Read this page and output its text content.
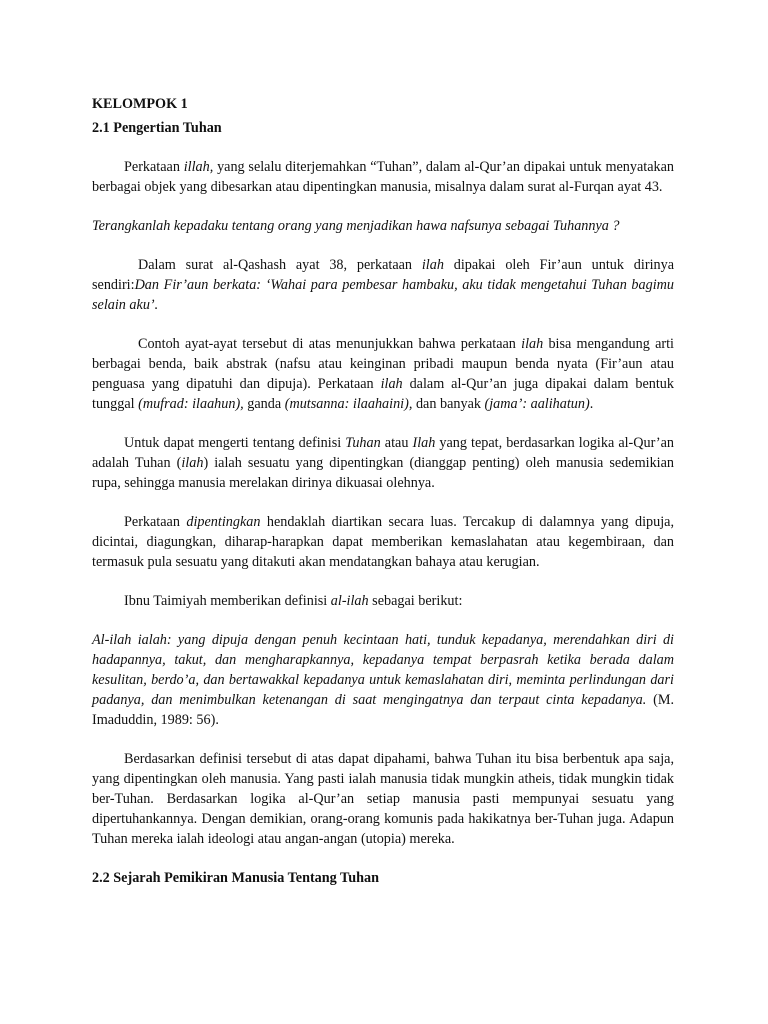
KELOMPOK 1
2.1 Pengertian Tuhan

Perkataan illah, yang selalu diterjemahkan “Tuhan”, dalam al-Qur’an dipakai untuk menyatakan berbagai objek yang dibesarkan atau dipentingkan manusia, misalnya dalam surat al-Furqan ayat 43.

Terangkanlah kepadaku tentang orang yang menjadikan hawa nafsunya sebagai Tuhannya ?

Dalam surat al-Qashash ayat 38, perkataan ilah dipakai oleh Fir’aun untuk dirinya sendiri:Dan Fir’aun berkata: ‘Wahai para pembesar hambaku, aku tidak mengetahui Tuhan bagimu selain aku’.

Contoh ayat-ayat tersebut di atas menunjukkan bahwa perkataan ilah bisa mengandung arti berbagai benda, baik abstrak (nafsu atau keinginan pribadi maupun benda nyata (Fir’aun atau penguasa yang dipatuhi dan dipuja). Perkataan ilah dalam al-Qur’an juga dipakai dalam bentuk tunggal (mufrad: ilaahun), ganda (mutsanna: ilaahaini), dan banyak (jama’: aalihatun).

Untuk dapat mengerti tentang definisi Tuhan atau Ilah yang tepat, berdasarkan logika al-Qur’an adalah Tuhan (ilah) ialah sesuatu yang dipentingkan (dianggap penting) oleh manusia sedemikian rupa, sehingga manusia merelakan dirinya dikuasai olehnya.

Perkataan dipentingkan hendaklah diartikan secara luas. Tercakup di dalamnya yang dipuja, dicintai, diagungkan, diharap-harapkan dapat memberikan kemaslahatan atau kegembiraan, dan termasuk pula sesuatu yang ditakuti akan mendatangkan bahaya atau kerugian.

Ibnu Taimiyah memberikan definisi al-ilah sebagai berikut:

Al-ilah ialah: yang dipuja dengan penuh kecintaan hati, tunduk kepadanya, merendahkan diri di hadapannya, takut, dan mengharapkannya, kepadanya tempat berpasrah ketika berada dalam kesulitan, berdo’a, dan bertawakkal kepadanya untuk kemaslahatan diri, meminta perlindungan dari padanya, dan menimbulkan ketenangan di saat mengingatnya dan terpaut cinta kepadanya. (M. Imaduddin, 1989: 56).

Berdasarkan definisi tersebut di atas dapat dipahami, bahwa Tuhan itu bisa berbentuk apa saja, yang dipentingkan oleh manusia. Yang pasti ialah manusia tidak mungkin atheis, tidak mungkin tidak ber-Tuhan. Berdasarkan logika al-Qur’an setiap manusia pasti mempunyai sesuatu yang dipertuhankannya. Dengan demikian, orang-orang komunis pada hakikatnya ber-Tuhan juga. Adapun Tuhan mereka ialah ideologi atau angan-angan (utopia) mereka.

2.2 Sejarah Pemikiran Manusia Tentang Tuhan
